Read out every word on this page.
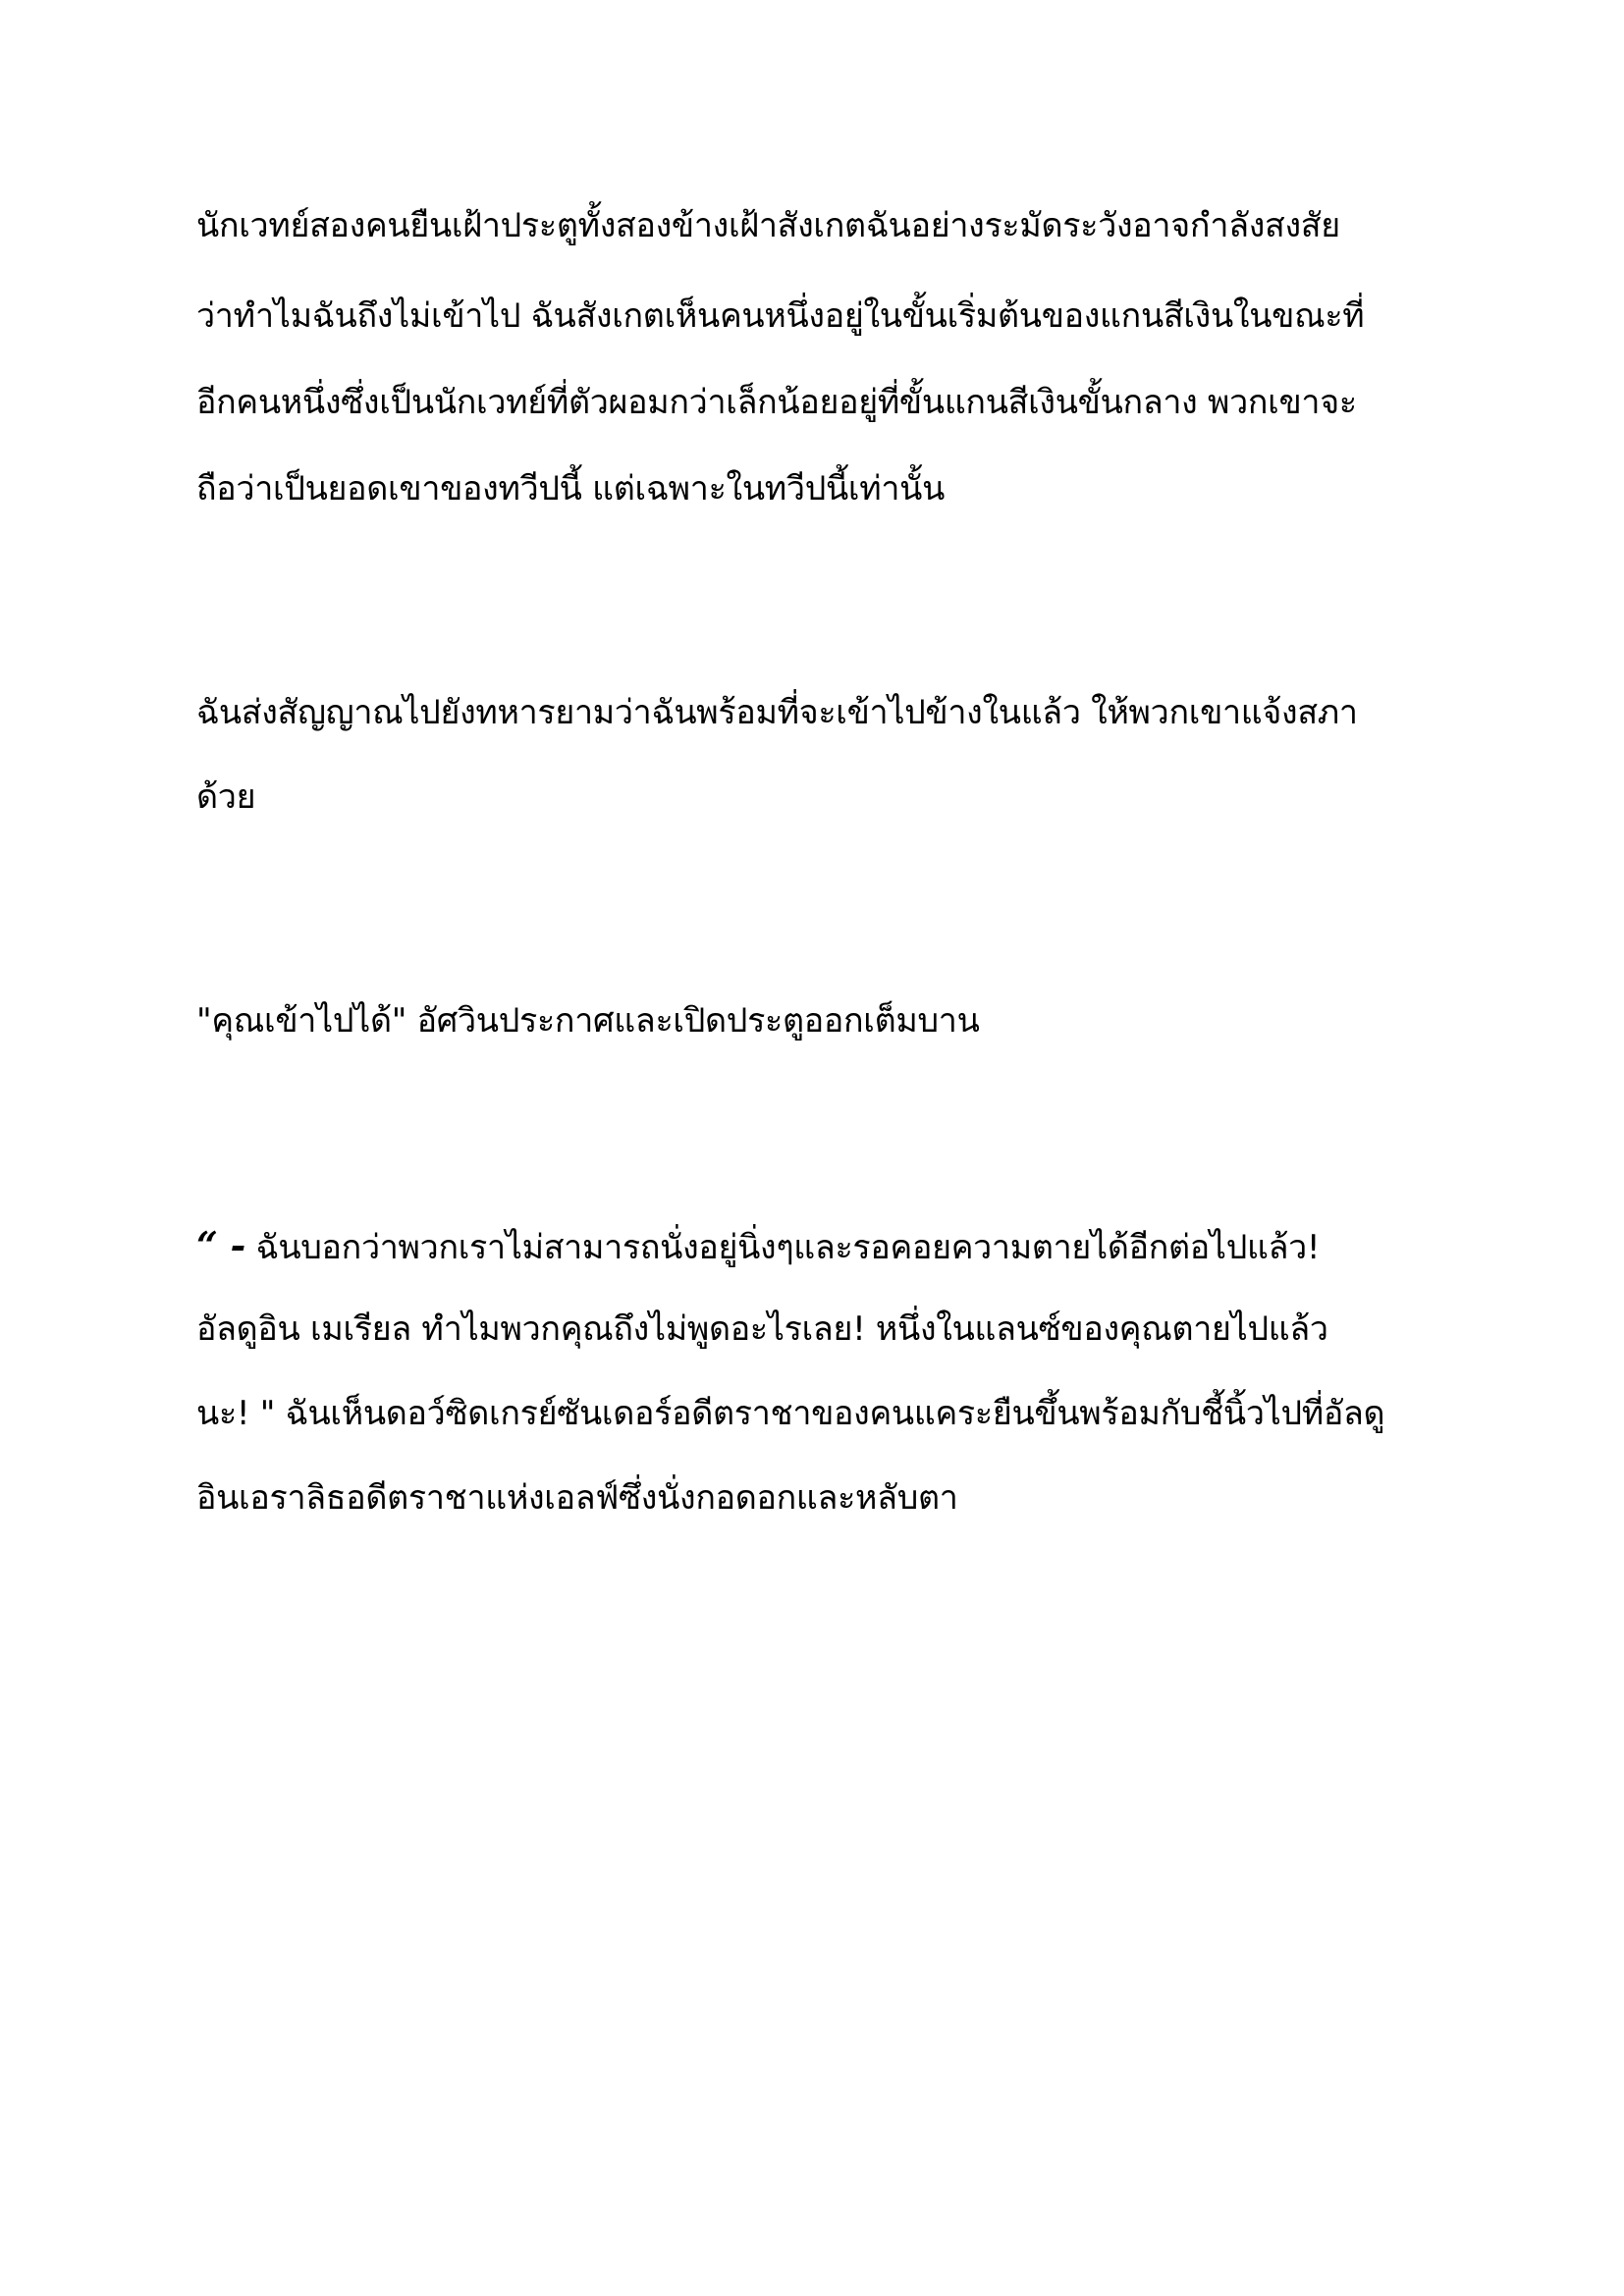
นักเวทย์สองคนยืนเฝ้าประตูทั้งสองข้างเฝ้าสังเกตฉันอย่างระมัดระวังอาจกำลังสงสัย
ว่าทำไมฉันถึงไม่เข้าไป ฉันสังเกตเห็นคนหนึ่งอยู่ในขั้นเริ่มต้นของแกนสีเงินในขณะที่
อีกคนหนึ่งซึ่งเป็นนักเวทย์ที่ตัวผอมกว่าเล็กน้อยอยู่ที่ขั้นแกนสีเงินขั้นกลาง พวกเขาจะ
ถือว่าเป็นยอดเขาของทวีปนี้ แต่เฉพาะในทวีปนี้เท่านั้น
ฉันส่งสัญญาณไปยังทหารยามว่าฉันพร้อมที่จะเข้าไปข้างในแล้ว ให้พวกเขาแจ้งสภา
ด้วย
"คุณเข้าไปได้" อัศวินประกาศและเปิดประตูออกเต็มบาน
“ - ฉันบอกว่าพวกเราไม่สามารถนั่งอยู่นิ่งๆและรอคอยความตายได้อีกต่อไปแล้ว!
อัลดูอิน เมเรียล ทำไมพวกคุณถึงไม่พูดอะไรเลย! หนึ่งในแลนซ์ของคุณตายไปแล้ว
นะ! " ฉันเห็นดอว์ซิดเกรย์ซันเดอร์อดีตราชาของคนแคระยืนขึ้นพร้อมกับชี้นิ้วไปที่อัลดู
อินเอราลิธอดีตราชาแห่งเอลฟ์ซึ่งนั่งกอดอกและหลับตา
